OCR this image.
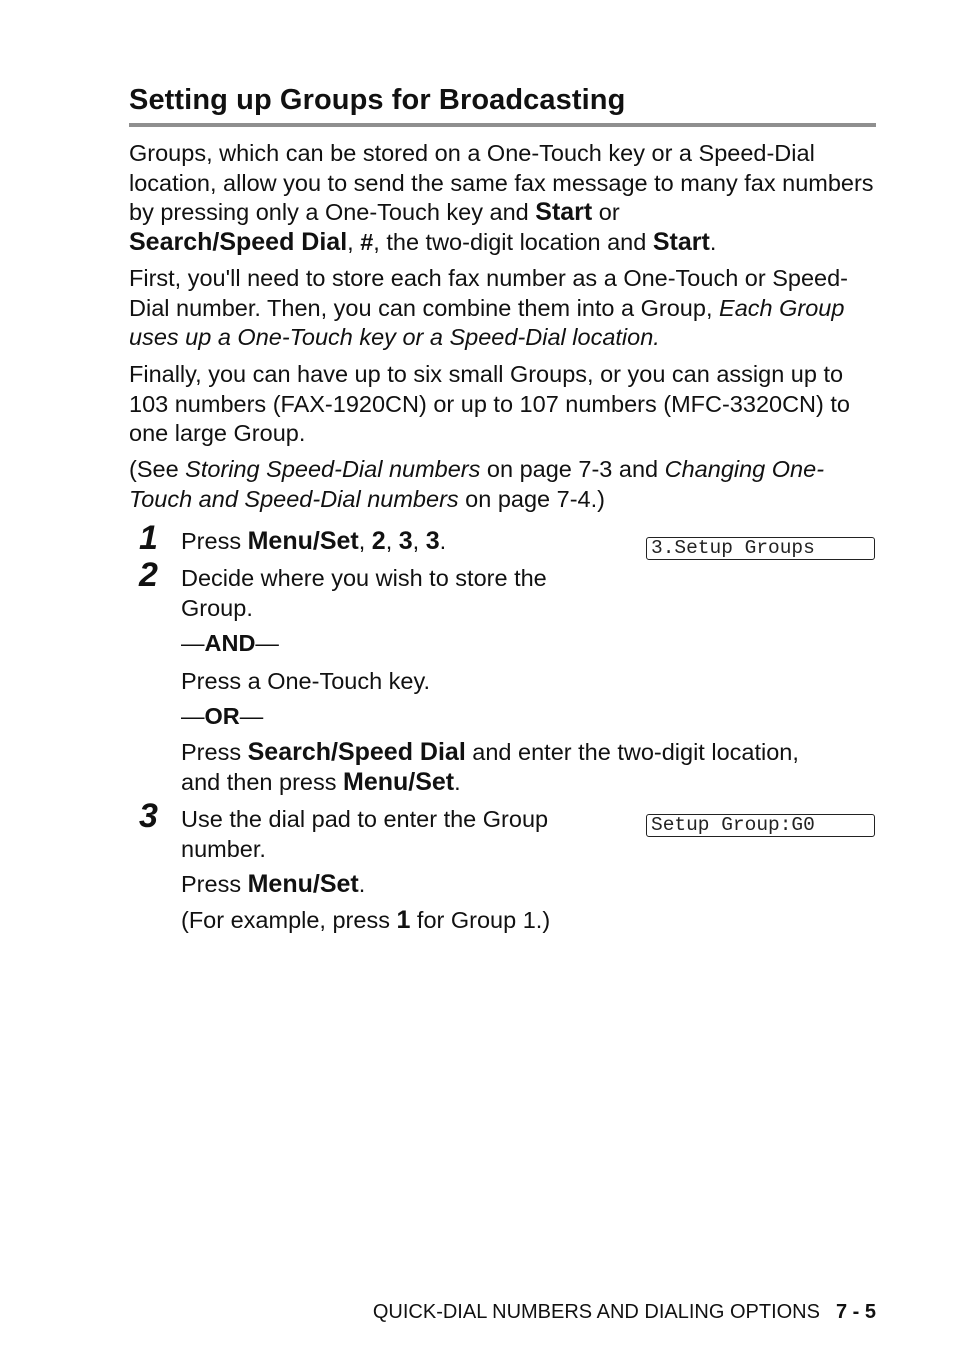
Setting up Groups for Broadcasting

Groups, which can be stored on a One-Touch key or a Speed-Dial location, allow you to send the same fax message to many fax numbers by pressing only a One-Touch key and Start or
Search/Speed Dial, #, the two-digit location and Start.

First, you'll need to store each fax number as a One-Touch or Speed-Dial number. Then, you can combine them into a Group, Each Group uses up a One-Touch key or a Speed-Dial location.

Finally, you can have up to six small Groups, or you can assign up to 103 numbers (FAX-1920CN) or up to 107 numbers (MFC-3320CN) to one large Group.

(See Storing Speed-Dial numbers on page 7-3 and Changing One-Touch and Speed-Dial numbers on page 7-4.)

1 Press Menu/Set, 2, 3, 3.	3.Setup Groups
2 Decide where you wish to store the

Group.

—AND—

Press a One-Touch key.

—OR—

Press Search/Speed Dial and enter the two-digit location,

and then press Menu/Set.

3 Use the dial pad to enter the Group

number.

Press Menu/Set.

(For example, press 1 for Group 1.)

Setup Group:G0
QUICK-DIAL NUMBERS AND DIALING OPTIONS 7 - 5
